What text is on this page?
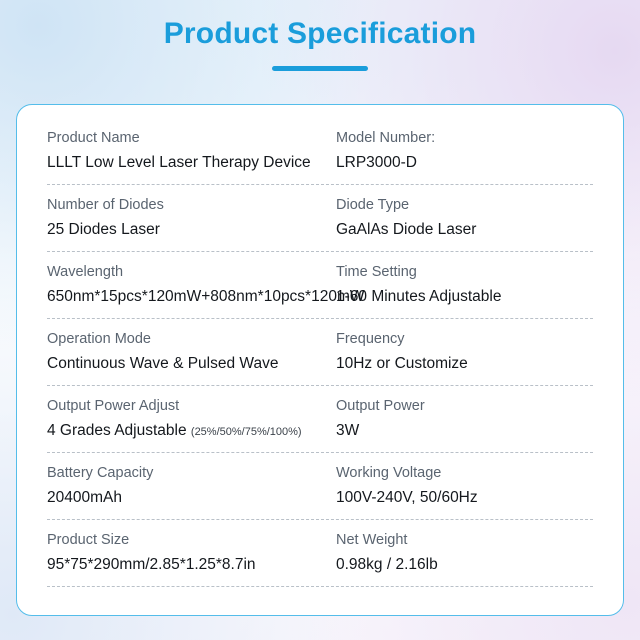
Product Specification
Product Name
LLLT Low Level Laser Therapy Device

Model Number:
LRP3000-D

Number of Diodes
25 Diodes Laser

Diode Type
GaAlAs Diode Laser

Wavelength
650nm*15pcs*120mW+808nm*10pcs*120mW

Time Setting
1-60 Minutes Adjustable

Operation Mode
Continuous Wave & Pulsed Wave

Frequency
10Hz or Customize

Output Power Adjust
4 Grades Adjustable (25%/50%/75%/100%)

Output Power
3W

Battery Capacity
20400mAh

Working Voltage
100V-240V, 50/60Hz

Product Size
95*75*290mm/2.85*1.25*8.7in

Net Weight
0.98kg / 2.16lb
